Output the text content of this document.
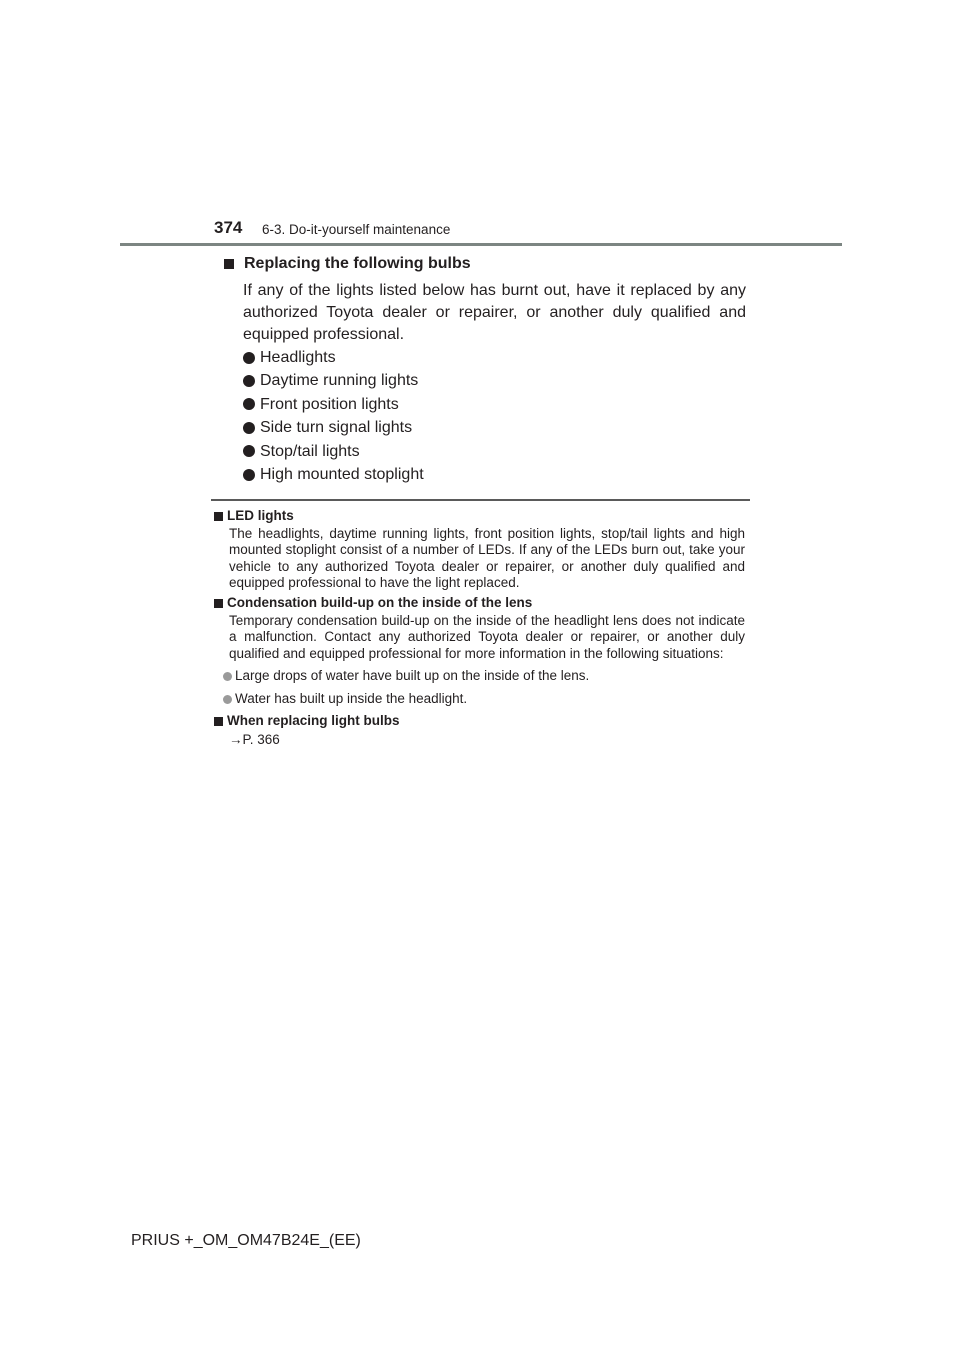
374 6-3. Do-it-yourself maintenance
Replacing the following bulbs

If any of the lights listed below has burnt out, have it replaced by any authorized Toyota dealer or repairer, or another duly qualified and equipped professional.

Headlights
Daytime running lights
Front position lights
Side turn signal lights
Stop/tail lights
High mounted stoplight
LED lights

The headlights, daytime running lights, front position lights, stop/tail lights and high mounted stoplight consist of a number of LEDs. If any of the LEDs burn out, take your vehicle to any authorized Toyota dealer or repairer, or another duly qualified and equipped professional to have the light replaced.

Condensation build-up on the inside of the lens

Temporary condensation build-up on the inside of the headlight lens does not indicate a malfunction. Contact any authorized Toyota dealer or repairer, or another duly qualified and equipped professional for more information in the following situations:

Large drops of water have built up on the inside of the lens.
Water has built up inside the headlight.
When replacing light bulbs

→P. 366

PRIUS +_OM_OM47B24E_(EE)
